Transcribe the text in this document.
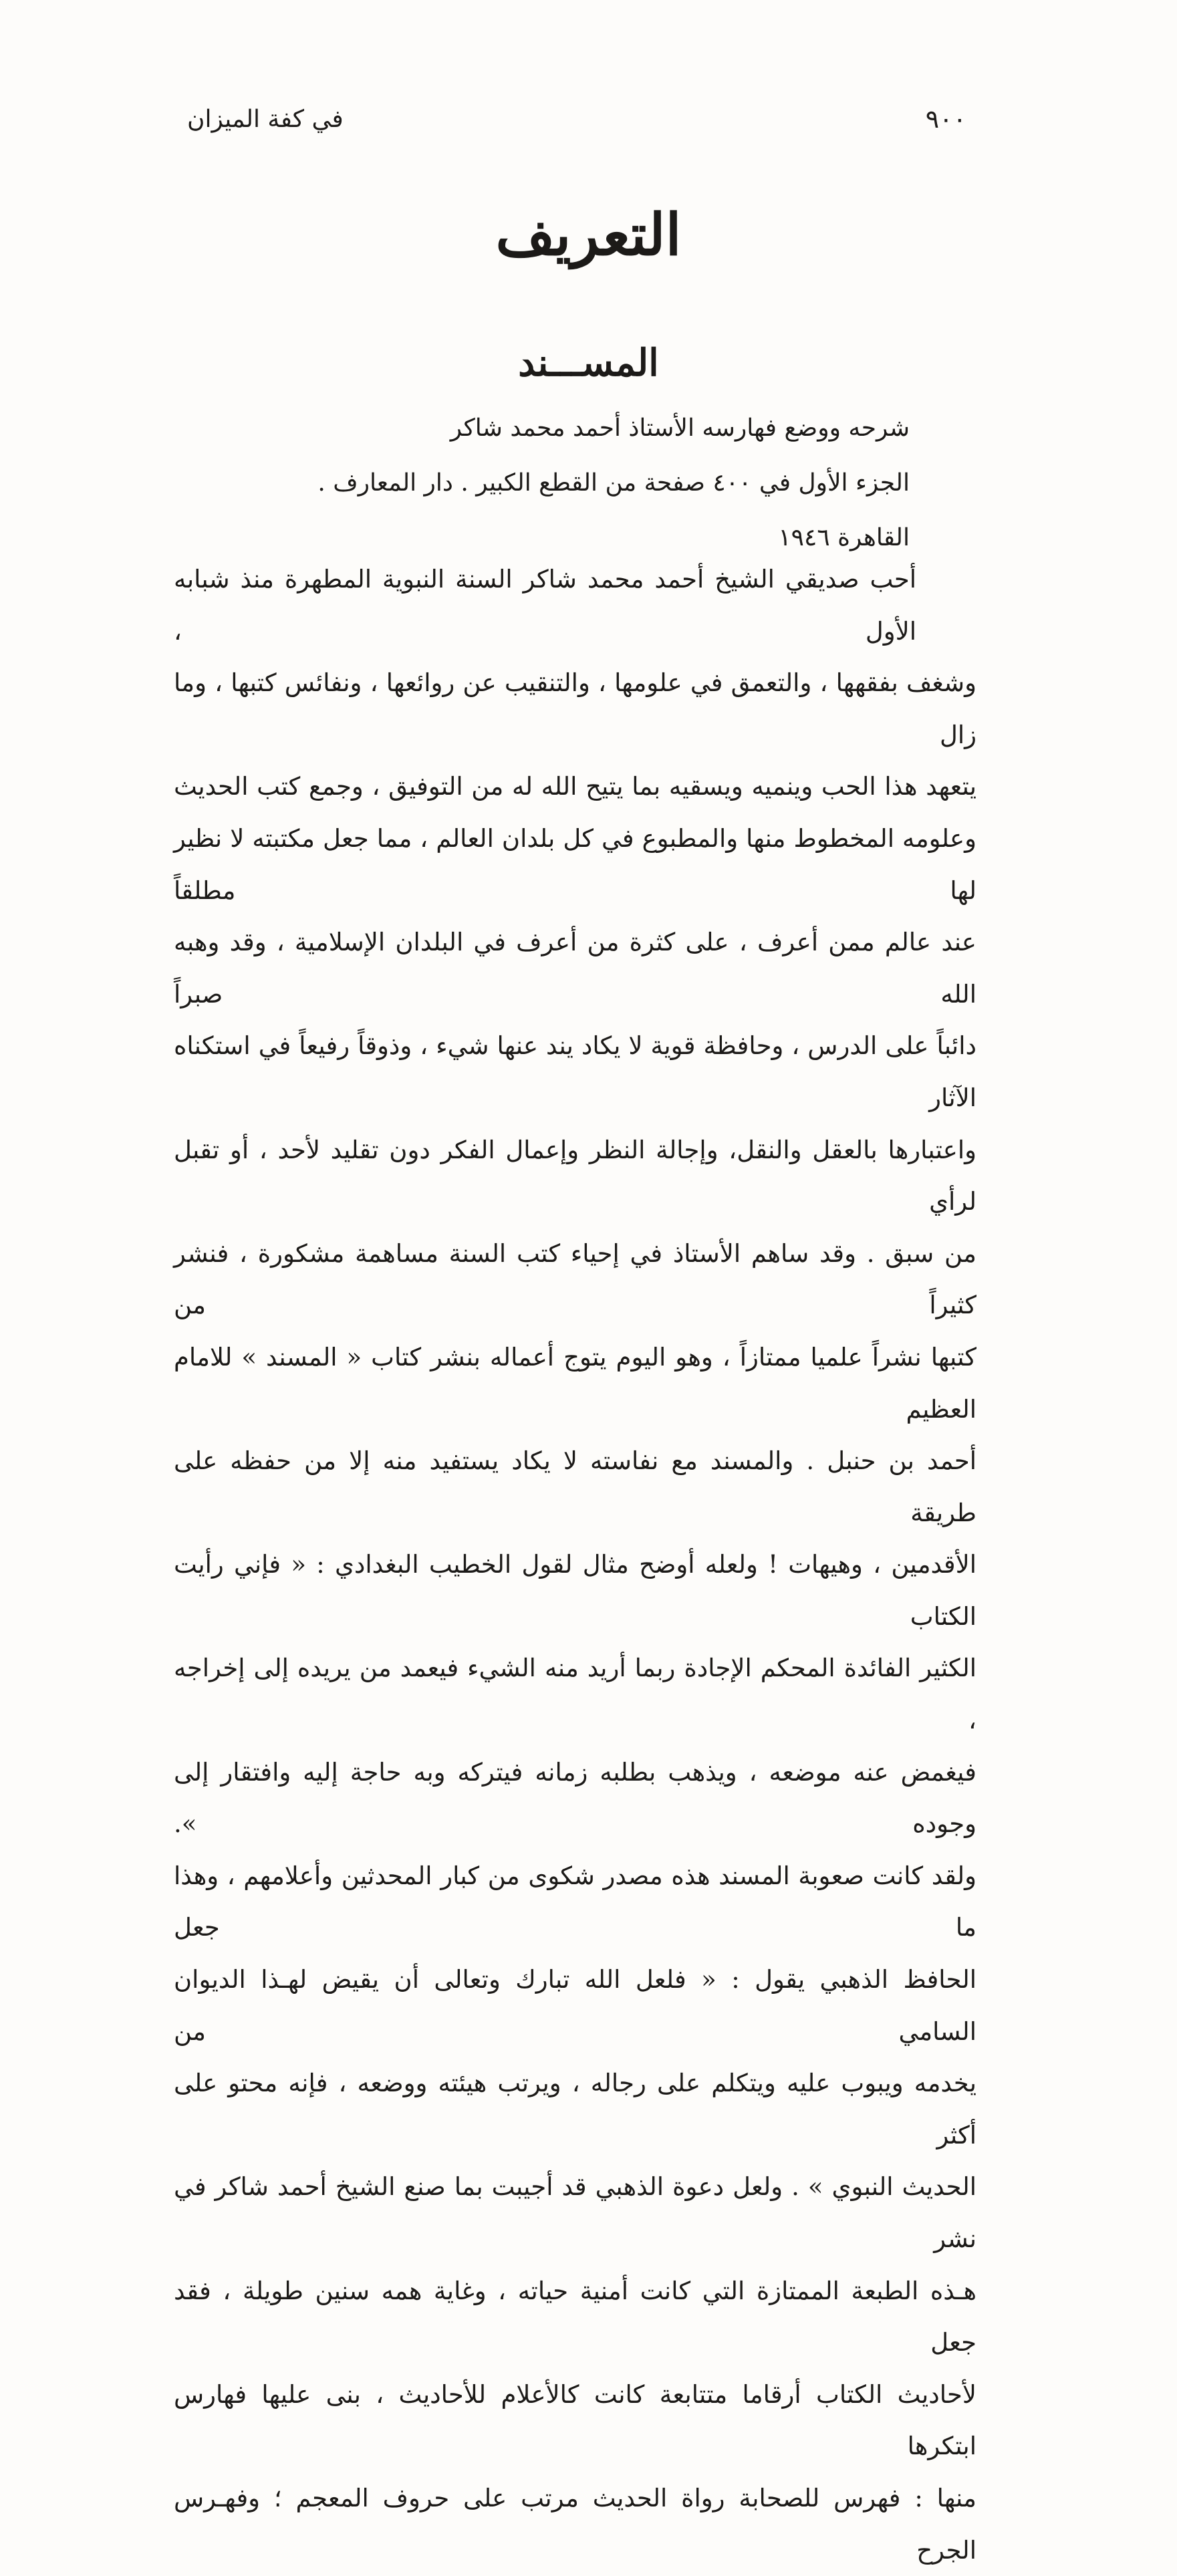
٩٠٠
في كفة الميزان
التعريف
المســـند

شرحه ووضع فهارسه الأستاذ أحمد محمد شاكر

الجزء الأول في ٤٠٠ صفحة من القطع الكبير . دار المعارف . القاهرة ١٩٤٦

أحب صديقي الشيخ أحمد محمد شاكر السنة النبوية المطهرة منذ شبابه الأول ،

وشغف بفقهها ، والتعمق في علومها ، والتنقيب عن روائعها ، ونفائس كتبها ، وما زال

يتعهد هذا الحب وينميه ويسقيه بما يتيح الله له من التوفيق ، وجمع كتب الحديث

وعلومه المخطوط منها والمطبوع في كل بلدان العالم ، مما جعل مكتبته لا نظير لها مطلقاً

عند عالم ممن أعرف ، على كثرة من أعرف في البلدان الإسلامية ، وقد وهبه الله صبراً

دائباً على الدرس ، وحافظة قوية لا يكاد يند عنها شيء ، وذوقاً رفيعاً في استكناه الآثار

واعتبارها بالعقل والنقل، وإجالة النظر وإعمال الفكر دون تقليد لأحد ، أو تقبل لرأي

من سبق . وقد ساهم الأستاذ في إحياء كتب السنة مساهمة مشكورة ، فنشر كثيراً من

كتبها نشراً علميا ممتازاً ، وهو اليوم يتوج أعماله بنشر كتاب « المسند » للامام العظيم

أحمد بن حنبل . والمسند مع نفاسته لا يكاد يستفيد منه إلا من حفظه على طريقة

الأقدمين ، وهيهات ! ولعله أوضح مثال لقول الخطيب البغدادي : « فإني رأيت الكتاب

الكثير الفائدة المحكم الإجادة ربما أريد منه الشيء فيعمد من يريده إلى إخراجه ،

فيغمض عنه موضعه ، ويذهب بطلبه زمانه فيتركه وبه حاجة إليه وافتقار إلى وجوده ».

ولقد كانت صعوبة المسند هذه مصدر شكوى من كبار المحدثين وأعلامهم ، وهذا ما جعل

الحافظ الذهبي يقول : « فلعل الله تبارك وتعالى أن يقيض لهـذا الديوان السامي من

يخدمه ويبوب عليه ويتكلم على رجاله ، ويرتب هيئته ووضعه ، فإنه محتو على أكثر

الحديث النبوي » . ولعل دعوة الذهبي قد أجيبت بما صنع الشيخ أحمد شاكر في نشر

هـذه الطبعة الممتازة التي كانت أمنية حياته ، وغاية همه سنين طويلة ، فقد جعل

لأحاديث الكتاب أرقاما متتابعة كانت كالأعلام للأحاديث ، بنى عليها فهارس ابتكرها

منها : فهرس للصحابة رواة الحديث مرتب على حروف المعجم ؛ وفهـرس الجرح
